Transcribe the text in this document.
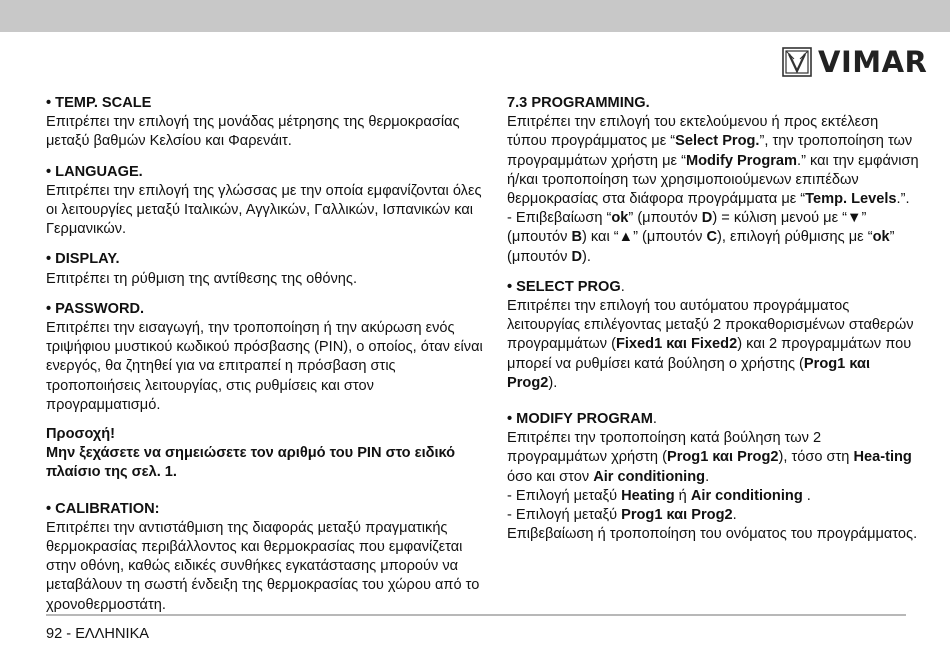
VIMAR

• TEMP. SCALE

Επιτρέπει την επιλογή της μονάδας μέτρησης της θερμοκρασίας μεταξύ βαθμών Κελσίου και Φαρενάιτ.

• LANGUAGE.

Επιτρέπει την επιλογή της γλώσσας με την οποία εμφανίζονται όλες οι λειτουργίες μεταξύ Ιταλικών, Αγγλικών, Γαλλικών, Ισπανικών και Γερμανικών.

• DISPLAY.

Επιτρέπει τη ρύθμιση της αντίθεσης της οθόνης.

• PASSWORD.

Επιτρέπει την εισαγωγή, την τροποποίηση ή την ακύρωση ενός τριψήφιου μυστικού κωδικού πρόσβασης (PIN), ο οποίος, όταν είναι ενεργός, θα ζητηθεί για να επιτραπεί η πρόσβαση στις τροποποιήσεις λειτουργίας, στις ρυθμίσεις και στον προγραμματισμό.

Προσοχή!

Μην ξεχάσετε να σημειώσετε τον αριθμό του PIN στο ειδικό πλαίσιο της σελ. 1.

• CALIBRATION:

Επιτρέπει την αντιστάθμιση της διαφοράς μεταξύ πραγματικής θερμοκρασίας περιβάλλοντος και θερμοκρασίας που εμφανίζεται στην οθόνη, καθώς ειδικές συνθήκες εγκατάστασης μπορούν να μεταβάλουν τη σωστή ένδειξη της θερμοκρασίας του χώρου από το χρονοθερμοστάτη.

7.3 PROGRAMMING.

Επιτρέπει την επιλογή του εκτελούμενου ή προς εκτέλεση τύπου προγράμματος με “Select Prog.”, την τροποποίηση των προγραμμάτων χρήστη με “Modify Program.” και την εμφάνιση ή/και τροποποίηση των χρησιμοποιούμενων επιπέδων θερμοκρασίας στα διάφορα προγράμματα με “Temp. Levels.”.

- Επιβεβαίωση “ok” (μπουτόν D) = κύλιση μενού με “▼” (μπουτόν B) και “▲” (μπουτόν C), επιλογή ρύθμισης με “ok” (μπουτόν D).

• SELECT PROG.

Επιτρέπει την επιλογή του αυτόματου προγράμματος λειτουργίας επιλέγοντας μεταξύ 2 προκαθορισμένων σταθερών προγραμμάτων (Fixed1 και Fixed2) και 2 προγραμμάτων που μπορεί να ρυθμίσει κατά βούληση ο χρήστης (Prog1 και Prog2).

• MODIFY PROGRAM.

Επιτρέπει την τροποποίηση κατά βούληση των 2 προγραμμάτων χρήστη (Prog1 και Prog2), τόσο στη Hea-ting όσο και στον Air conditioning.

- Επιλογή μεταξύ Heating ή Air conditioning .

- Επιλογή μεταξύ Prog1 και Prog2.

Επιβεβαίωση ή τροποποίηση του ονόματος του προγράμματος.

92 - ΕΛΛΗΝΙΚΑ
